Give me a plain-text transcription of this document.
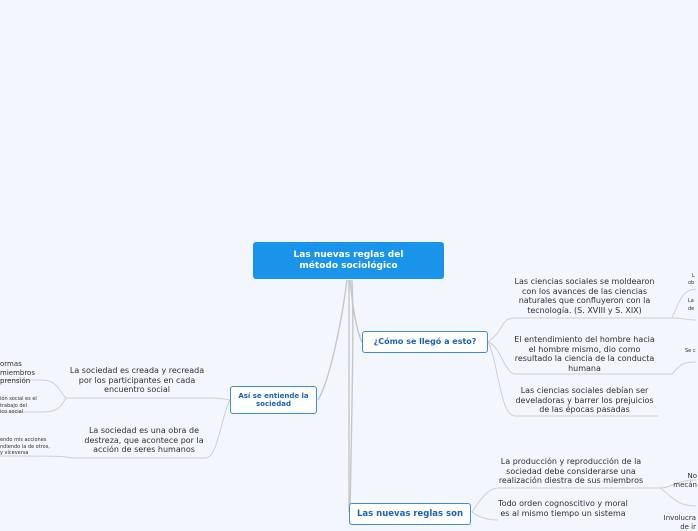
Las nuevas reglas del método sociológico
¿Cómo se llegó a esto?
Las ciencias sociales se moldearon con los avances de las ciencias naturales que confluyeron con la tecnología. (S. XVIII y S. XIX)
El entendimiento del hombre hacia el hombre mismo, dio como resultado la ciencia de la conducta humana
Las ciencias sociales debían ser develadoras y barrer los prejuicios de las épocas pasadas
L
ob
La
de
Se c
Así se entiende la sociedad
La sociedad es creada y recreada por los participantes en cada encuentro social
La sociedad es una obra de destreza, que acontece por la acción de seres humanos

ormas
miembros
prensión

ión social es el
trabajo del
ico social

endo mis acciones
ndiendo la de otros,
y viceversa

Las nuevas reglas son
La producción y reproducción de la sociedad debe considerarse una realización diestra de sus miembros
Todo orden cognoscitivo y moral es al mismo tiempo un sistema

No
mecán

Involucra
de ir
